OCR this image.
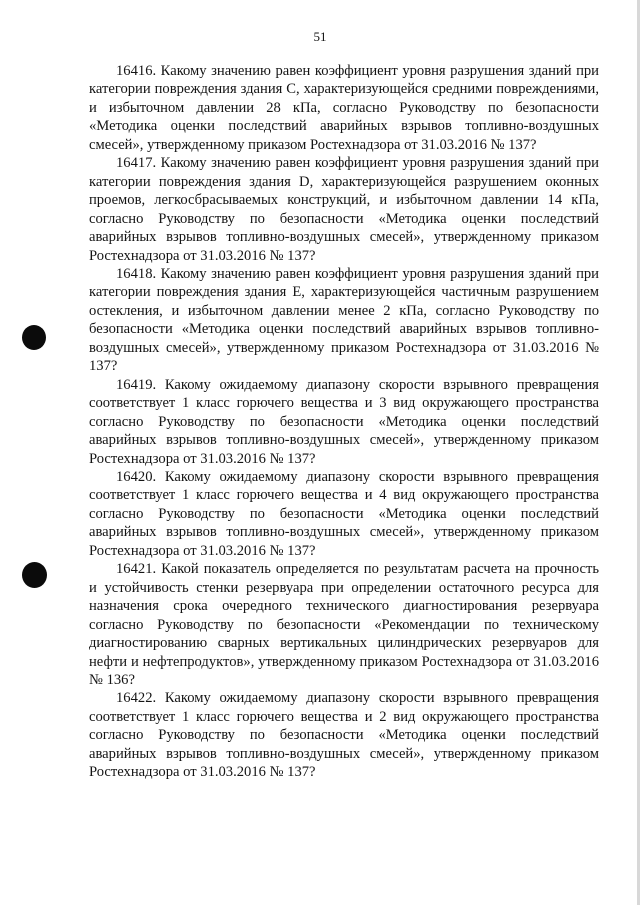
51

16416. Какому значению равен коэффициент уровня разрушения зданий при категории повреждения здания C, характеризующейся средними повреждениями, и избыточном давлении 28 кПа, согласно Руководству по безопасности «Методика оценки последствий аварийных взрывов топливно-воздушных смесей», утвержденному приказом Ростехнадзора от 31.03.2016 № 137?

16417. Какому значению равен коэффициент уровня разрушения зданий при категории повреждения здания D, характеризующейся разрушением оконных проемов, легкосбрасываемых конструкций, и избыточном давлении 14 кПа, согласно Руководству по безопасности «Методика оценки последствий аварийных взрывов топливно-воздушных смесей», утвержденному приказом Ростехнадзора от 31.03.2016 № 137?

16418. Какому значению равен коэффициент уровня разрушения зданий при категории повреждения здания E, характеризующейся частичным разрушением остекления, и избыточном давлении менее 2 кПа, согласно Руководству по безопасности «Методика оценки последствий аварийных взрывов топливно-воздушных смесей», утвержденному приказом Ростехнадзора от 31.03.2016 № 137?

16419. Какому ожидаемому диапазону скорости взрывного превращения соответствует 1 класс горючего вещества и 3 вид окружающего пространства согласно Руководству по безопасности «Методика оценки последствий аварийных взрывов топливно-воздушных смесей», утвержденному приказом Ростехнадзора от 31.03.2016 № 137?

16420. Какому ожидаемому диапазону скорости взрывного превращения соответствует 1 класс горючего вещества и 4 вид окружающего пространства согласно Руководству по безопасности «Методика оценки последствий аварийных взрывов топливно-воздушных смесей», утвержденному приказом Ростехнадзора от 31.03.2016 № 137?

16421. Какой показатель определяется по результатам расчета на прочность и устойчивость стенки резервуара при определении остаточного ресурса для назначения срока очередного технического диагностирования резервуара согласно Руководству по безопасности «Рекомендации по техническому диагностированию сварных вертикальных цилиндрических резервуаров для нефти и нефтепродуктов», утвержденному приказом Ростехнадзора от 31.03.2016 № 136?

16422. Какому ожидаемому диапазону скорости взрывного превращения соответствует 1 класс горючего вещества и 2 вид окружающего пространства согласно Руководству по безопасности «Методика оценки последствий аварийных взрывов топливно-воздушных смесей», утвержденному приказом Ростехнадзора от 31.03.2016 № 137?
